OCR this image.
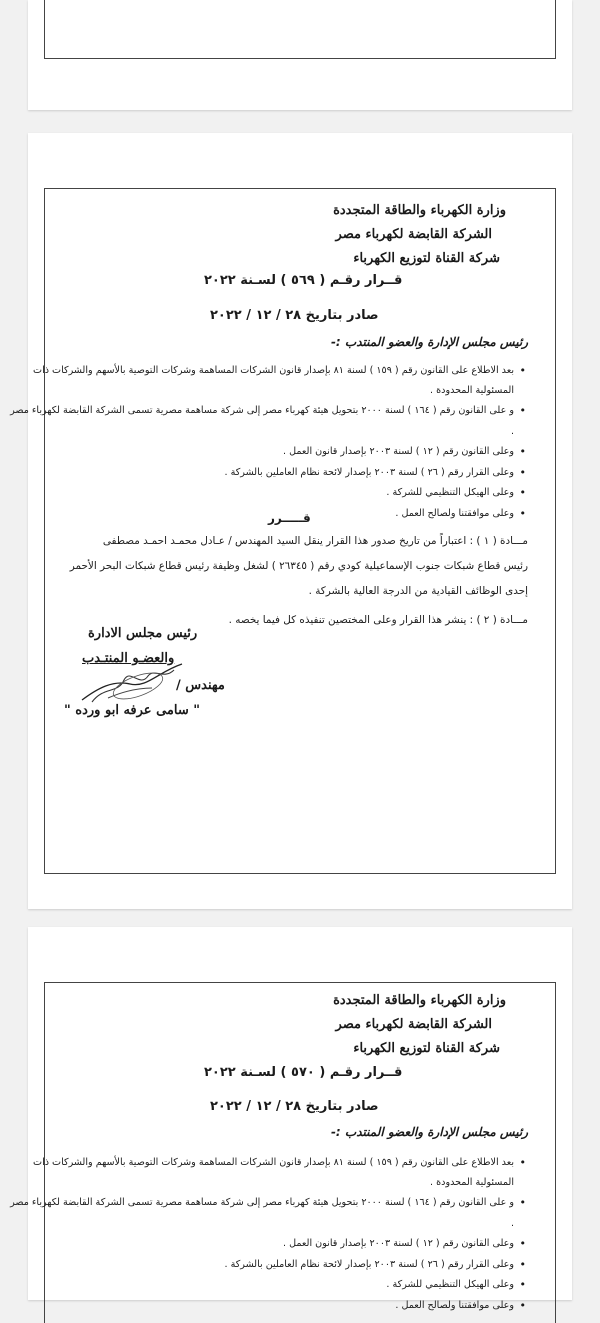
وزارة الكهرباء والطاقة المتجددة
الشركة القابضة لكهرباء مصر
شركة القناة لتوزيع الكهرباء
قــرار رقـم ( ٥٦٩ ) لسـنة ٢٠٢٢
صادر بتاريخ ٢٨ / ١٢ / ٢٠٢٢
رئيس مجلس الإدارة والعضو المنتدب :-
• بعد الاطلاع على القانون رقم ( ١٥٩ ) لسنة ٨١ بإصدار قانون الشركات المساهمة وشركات التوصية بالأسهم والشركات ذات المسئولية المحدودة .
• و على القانون رقم ( ١٦٤ ) لسنة ٢٠٠٠ بتحويل هيئة كهرباء مصر إلى شركة مساهمة مصرية تسمى الشركة القابضة لكهرباء مصر .
• وعلى القانون رقم ( ١٢ ) لسنة ٢٠٠٣ بإصدار قانون العمل .
• وعلى القرار رقم ( ٢٦ ) لسنة ٢٠٠٣ بإصدار لائحة نظام العاملين بالشركة .
• وعلى الهيكل التنظيمي للشركة .
• وعلى موافقتنا ولصالح العمل .
قـــــرر
مـــادة ( ١ ) : اعتباراً من تاريخ صدور هذا القرار ينقل السيد المهندس / عـادل محمـد احمـد مصطفى
رئيس قطاع شبكات جنوب الإسماعيلية كودي رقم ( ٢٦٣٤٥ ) لشغل وظيفة رئيس قطاع شبكات البحر الأحمر
إحدى الوظائف القيادية من الدرجة العالية بالشركة .
مـــادة ( ٢ ) : ينشر هذا القرار وعلى المختصين تنفيذه كل فيما يخصه .
رئيس مجلس الادارة
والعضـو المنتـدب
مهندس /
" سامى عرفه ابو ورده "
وزارة الكهرباء والطاقة المتجددة
الشركة القابضة لكهرباء مصر
شركة القناة لتوزيع الكهرباء
قــرار رقـم ( ٥٧٠ ) لسـنة ٢٠٢٢
صادر بتاريخ ٢٨ / ١٢ / ٢٠٢٢
رئيس مجلس الإدارة والعضو المنتدب :-
• بعد الاطلاع على القانون رقم ( ١٥٩ ) لسنة ٨١ بإصدار قانون الشركات المساهمة وشركات التوصية بالأسهم والشركات ذات المسئولية المحدودة .
• و على القانون رقم ( ١٦٤ ) لسنة ٢٠٠٠ بتحويل هيئة كهرباء مصر إلى شركة مساهمة مصرية تسمى الشركة القابضة لكهرباء مصر .
• وعلى القانون رقم ( ١٢ ) لسنة ٢٠٠٣ بإصدار قانون العمل .
• وعلى القرار رقم ( ٢٦ ) لسنة ٢٠٠٣ بإصدار لائحة نظام العاملين بالشركة .
• وعلى الهيكل التنظيمي للشركة .
• وعلى موافقتنا ولصالح العمل .
